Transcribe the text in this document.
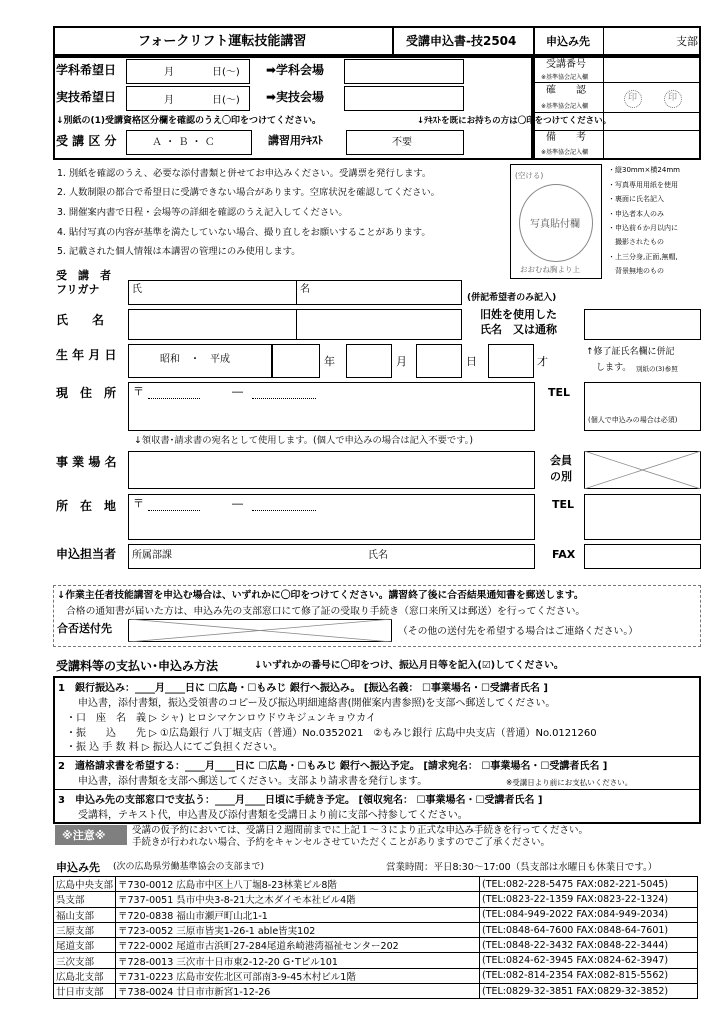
フォークリフト運転技能講習	受講申込書-技2504	申込み先	支部
受講番号
※基準協会記入欄
確　　認
※基準協会記入欄
印	印
備　　考
※基準協会記入欄
学科希望日	月	日(〜) ➡学科会場
実技希望日	月	日(〜) ➡実技会場
↓別紙の(1)受講資格区分欄を確認のうえ〇印をつけてください。	↓ﾃｷｽﾄを既にお持ちの方は〇印をつけてください。
受 講 区 分	Ａ ・ Ｂ ・ Ｃ	講習用ﾃｷｽﾄ	不要
1. 別紙を確認のうえ、必要な添付書類と併せてお申込みください。受講票を発行します。
2. 人数制限の都合で希望日に受講できない場合があります。空席状況を確認してください。
3. 開催案内書で日程・会場等の詳細を確認のうえ記入してください。
4. 貼付写真の内容が基準を満たしていない場合、撮り直しをお願いすることがあります。
5. 記載された個人情報は本講習の管理にのみ使用します。
(空ける)
写真貼付欄
おおむね胸より上
・縦30mm×横24mm
・写真専用用紙を使用
・裏面に氏名記入
・申込者本人のみ
・申込前６か月以内に
　撮影されたもの
・上三分身,正面,無帽,
　背景無地のもの
受　講　者
フリガナ	氏	名
(併記希望者のみ記入)
氏　　名	旧姓を使用した
氏名　又は通称
生 年 月 日	昭和　・　平成	年	月	日	才
↑修了証氏名欄に併記
します。 別紙の(3)参照
現　住　所 〒	―	TEL
(個人で申込みの場合は必須)
↓領収書･請求書の宛名として使用します。(個人で申込みの場合は記入不要です。)
事 業 場 名	会員
の別
所　在　地 〒	―	TEL
申込担当者 所属部課	氏名	FAX
↓作業主任者技能講習を申込む場合は、いずれかに〇印をつけてください。講習終了後に合否結果通知書を郵送します。
合格の通知書が届いた方は、申込み先の支部窓口にて修了証の受取り手続き（窓口来所又は郵送）を行ってください。
合否送付先	（その他の送付先を希望する場合はご連絡ください。）
受講料等の支払い･申込み方法	↓いずれかの番号に〇印をつけ、振込月日等を記入(☑)してください。
1　銀行振込み：____月____日に ☐広島・☐もみじ 銀行へ振込み。 [振込名義： ☐事業場名・☐受講者氏名 ]
申込書，添付書類，振込受領書のコピー及び振込明細連絡書(開催案内書参照)を支部へ郵送してください。
・口　座　名　義 ▷ シャ) ヒロシマケンロウドウキジュンキョウカイ
・振　　込　　先 ▷ ①広島銀行 八丁堀支店（普通）No.0352021　②もみじ銀行 広島中央支店（普通）No.0121260
・振 込 手 数 料 ▷ 振込人にてご負担ください。
2　適格請求書を希望する：____月____日に ☐広島・☐もみじ 銀行へ振込予定。 [請求宛名： ☐事業場名・☐受講者氏名 ]
申込書，添付書類を支部へ郵送してください。支部より請求書を発行します。	※受講日より前にお支払いください。
3　申込み先の支部窓口で支払う：____月____日頃に手続き予定。 [領収宛名： ☐事業場名・☐受講者氏名 ]
受講料，テキスト代，申込書及び添付書類を受講日より前に支部へ持参してください。
※注意※	受講の仮予約においては、受講日２週間前までに上記１～３により正式な申込み手続きを行ってください。
手続きが行われない場合、予約をキャンセルさせていただくことがありますのでご了承ください。
申込み先 (次の広島県労働基準協会の支部まで)	営業時間：平日8:30～17:00（呉支部は水曜日も休業日です。）
広島中央支部	〒730-0012 広島市中区上八丁堀8-23林業ビル8階	(TEL:082-228-5475 FAX:082-221-5045)
呉支部	〒737-0051 呉市中央3-8-21大之木ダイモ本社ビル4階	(TEL:0823-22-1359 FAX:0823-22-1324)
福山支部	〒720-0838 福山市瀬戸町山北1-1	(TEL:084-949-2022 FAX:084-949-2034)
三原支部	〒723-0052 三原市皆実1-26-1 able皆実102	(TEL:0848-64-7600 FAX:0848-64-7601)
尾道支部	〒722-0002 尾道市古浜町27-284尾道糸崎港湾福祉センター202	(TEL:0848-22-3432 FAX:0848-22-3444)
三次支部	〒728-0013 三次市十日市東2-12-20 G･Tビル101	(TEL:0824-62-3945 FAX:0824-62-3947)
広島北支部	〒731-0223 広島市安佐北区可部南3-9-45木村ビル1階	(TEL:082-814-2354 FAX:082-815-5562)
廿日市支部	〒738-0024 廿日市市新宮1-12-26	(TEL:0829-32-3851 FAX:0829-32-3852)
